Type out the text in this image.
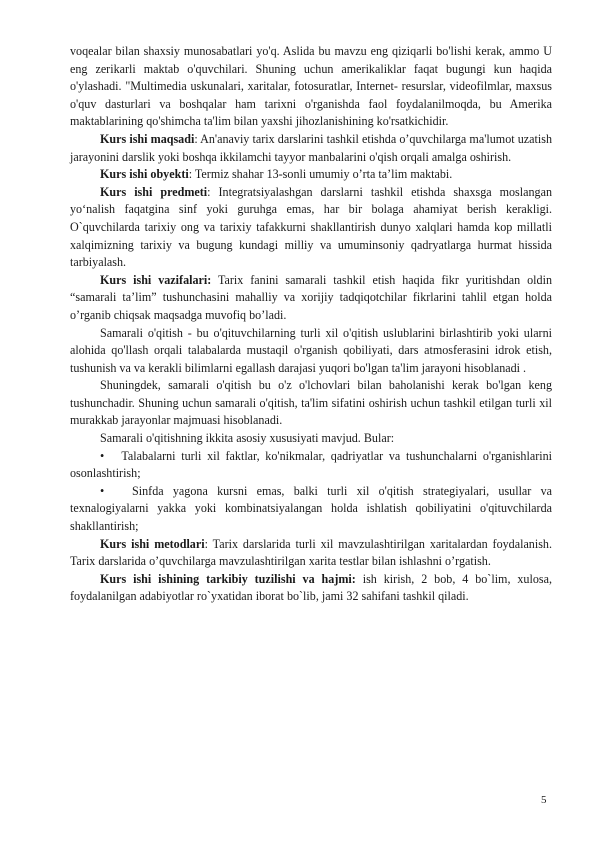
voqealar bilan shaxsiy munosabatlari yo'q. Aslida bu mavzu eng qiziqarli bo'lishi kerak, ammo U eng zerikarli maktab o'quvchilari. Shuning uchun amerikaliklar faqat bugungi kun haqida o'ylashadi. "Multimedia uskunalari, xaritalar, fotosuratlar, Internet- resurslar, videofilmlar, maxsus o'quv dasturlari va boshqalar ham tarixni o'rganishda faol foydalanilmoqda, bu Amerika maktablarining qo'shimcha ta'lim bilan yaxshi jihozlanishining ko'rsatkichidir.

Kurs ishi maqsadi: An'anaviy tarix darslarini tashkil etishda o’quvchilarga ma'lumot uzatish jarayonini darslik yoki boshqa ikkilamchi tayyor manbalarini o'qish orqali amalga oshirish.

Kurs ishi obyekti: Termiz shahar 13-sonli umumiy o’rta ta’lim maktabi.

Kurs ishi predmeti: Integratsiyalashgan darslarni tashkil etishda shaxsga moslangan yo‘nalish faqatgina sinf yoki guruhga emas, har bir bolaga ahamiyat berish kerakligi. O`quvchilarda tarixiy ong va tarixiy tafakkurni shakllantirish dunyo xalqlari hamda kop millatli xalqimizning tarixiy va bugung kundagi milliy va umuminsoniy qadryatlarga hurmat hissida tarbiyalash.

Kurs ishi vazifalari: Tarix fanini samarali tashkil etish haqida fikr yuritishdan oldin “samarali ta’lim” tushunchasini mahalliy va xorijiy tadqiqotchilar fikrlarini tahlil etgan holda o’rganib chiqsak maqsadga muvofiq bo’ladi.

Samarali o'qitish - bu o'qituvchilarning turli xil o'qitish uslublarini birlashtirib yoki ularni alohida qo'llash orqali talabalarda mustaqil o'rganish qobiliyati, dars atmosferasini idrok etish, tushunish va va kerakli bilimlarni egallash darajasi yuqori bo'lgan ta'lim jarayoni hisoblanadi .

Shuningdek, samarali o'qitish bu o'z o'lchovlari bilan baholanishi kerak bo'lgan keng tushunchadir. Shuning uchun samarali o'qitish, ta'lim sifatini oshirish uchun tashkil etilgan turli xil murakkab jarayonlar majmuasi hisoblanadi.

Samarali o'qitishning ikkita asosiy xususiyati mavjud. Bular:

• Talabalarni turli xil faktlar, ko'nikmalar, qadriyatlar va tushunchalarni o'rganishlarini osonlashtirish;

• Sinfda yagona kursni emas, balki turli xil o'qitish strategiyalari, usullar va texnalogiyalarni yakka yoki kombinatsiyalangan holda ishlatish qobiliyatini o'qituvchilarda shakllantirish;

Kurs ishi metodlari: Tarix darslarida turli xil mavzulashtirilgan xaritalardan foydalanish. Tarix darslarida o’quvchilarga mavzulashtirilgan xarita testlar bilan ishlashni o’rgatish.

Kurs ishi ishining tarkibiy tuzilishi va hajmi: ish kirish, 2 bob, 4 bo`lim, xulosa, foydalanilgan adabiyotlar ro`yxatidan iborat bo`lib, jami 32 sahifani tashkil qiladi.

5
